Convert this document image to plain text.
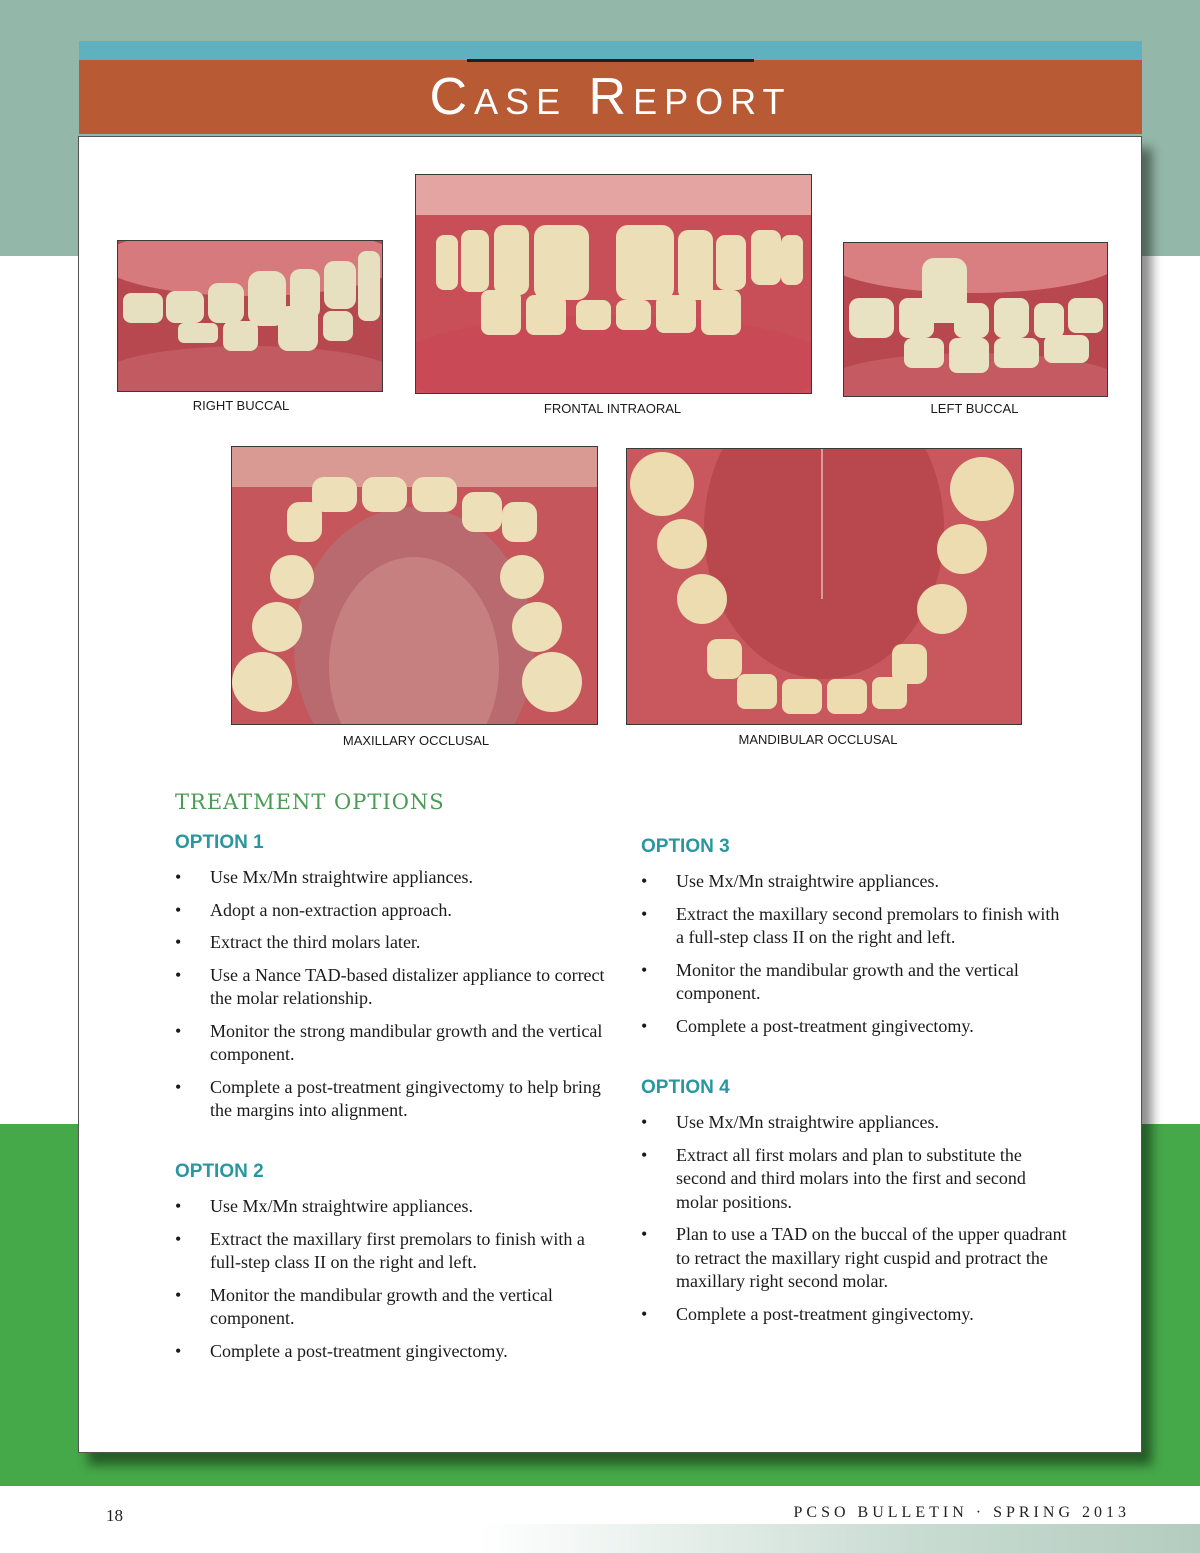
Case Report
RIGHT BUCCAL	FRONTAL INTRAORAL	LEFT BUCCAL
MAXILLARY OCCLUSAL	MANDIBULAR OCCLUSAL
TREATMENT OPTIONS
OPTION 1
• Use Mx/Mn straightwire appliances.
• Adopt a non-extraction approach.
• Extract the third molars later.
• Use a Nance TAD-based distalizer appliance to correct the molar relationship.
• Monitor the strong mandibular growth and the vertical component.
• Complete a post-treatment gingivectomy to help bring the margins into alignment.
OPTION 2
• Use Mx/Mn straightwire appliances.
• Extract the maxillary first premolars to finish with a full-step class II on the right and left.
• Monitor the mandibular growth and the vertical component.
• Complete a post-treatment gingivectomy.
OPTION 3
• Use Mx/Mn straightwire appliances.
• Extract the maxillary second premolars to finish with a full-step class II on the right and left.
• Monitor the mandibular growth and the vertical component.
• Complete a post-treatment gingivectomy.
OPTION 4
• Use Mx/Mn straightwire appliances.
• Extract all first molars and plan to substitute the second and third molars into the first and second molar positions.
• Plan to use a TAD on the buccal of the upper quadrant to retract the maxillary right cuspid and protract the maxillary right second molar.
• Complete a post-treatment gingivectomy.
18	PCSO BULLETIN · SPRING 2013
